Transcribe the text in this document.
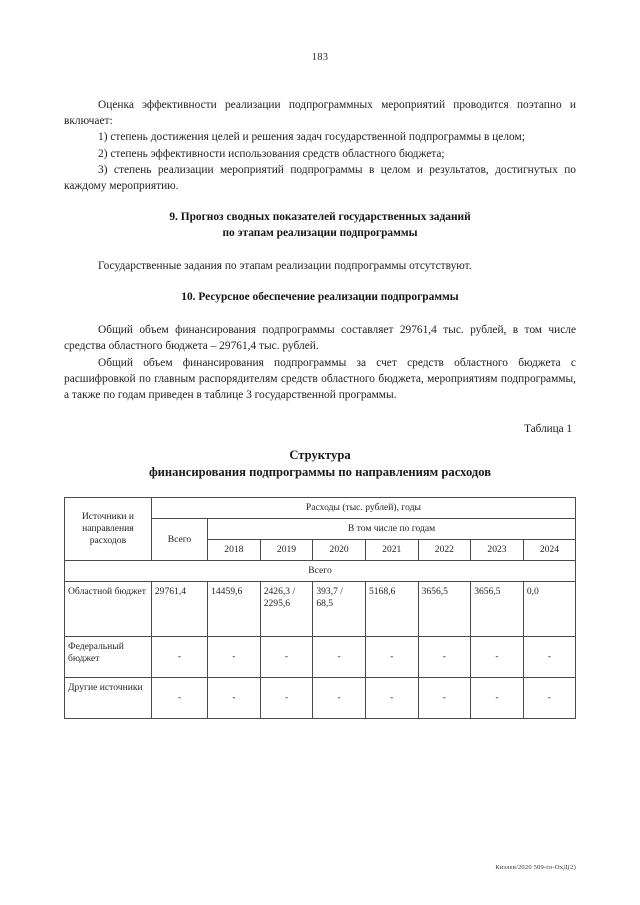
183

Оценка эффективности реализации подпрограммных мероприятий проводится поэтапно и включает:

1) степень достижения целей и решения задач государственной подпрограммы в целом;

2) степень эффективности использования средств областного бюджета;

3) степень реализации мероприятий подпрограммы в целом и результатов, достигнутых по каждому мероприятию.

9. Прогноз сводных показателей государственных заданий

по этапам реализации подпрограммы

Государственные задания по этапам реализации подпрограммы отсутствуют.

10. Ресурсное обеспечение реализации подпрограммы

Общий объем финансирования подпрограммы составляет 29761,4 тыс. рублей, в том числе средства областного бюджета – 29761,4 тыс. рублей.

Общий объем финансирования подпрограммы за счет средств областного бюджета с расшифровкой по главным распорядителям средств областного бюджета, мероприятиям подпрограммы, а также по годам приведен в таблице 3 государственной программы.

Таблица 1

Структура

финансирования подпрограммы по направлениям расходов

Источники и направления расходов	Расходы (тыс. рублей), годы							
	Всего	В том числе по годам						
		2018	2019	2020	2021	2022	2023	2024
Всего								
Областной бюджет	29761,4	14459,6	2426,3 / 2295,6	393,7 / 68,5	5168,6	3656,5	3656,5	0,0
Федеральный бюджет	-	-	-	-	-	-	-	-
Другие источники	-	-	-	-	-	-	-	-
Кизлев/2020 509-го-ОхД(2)
